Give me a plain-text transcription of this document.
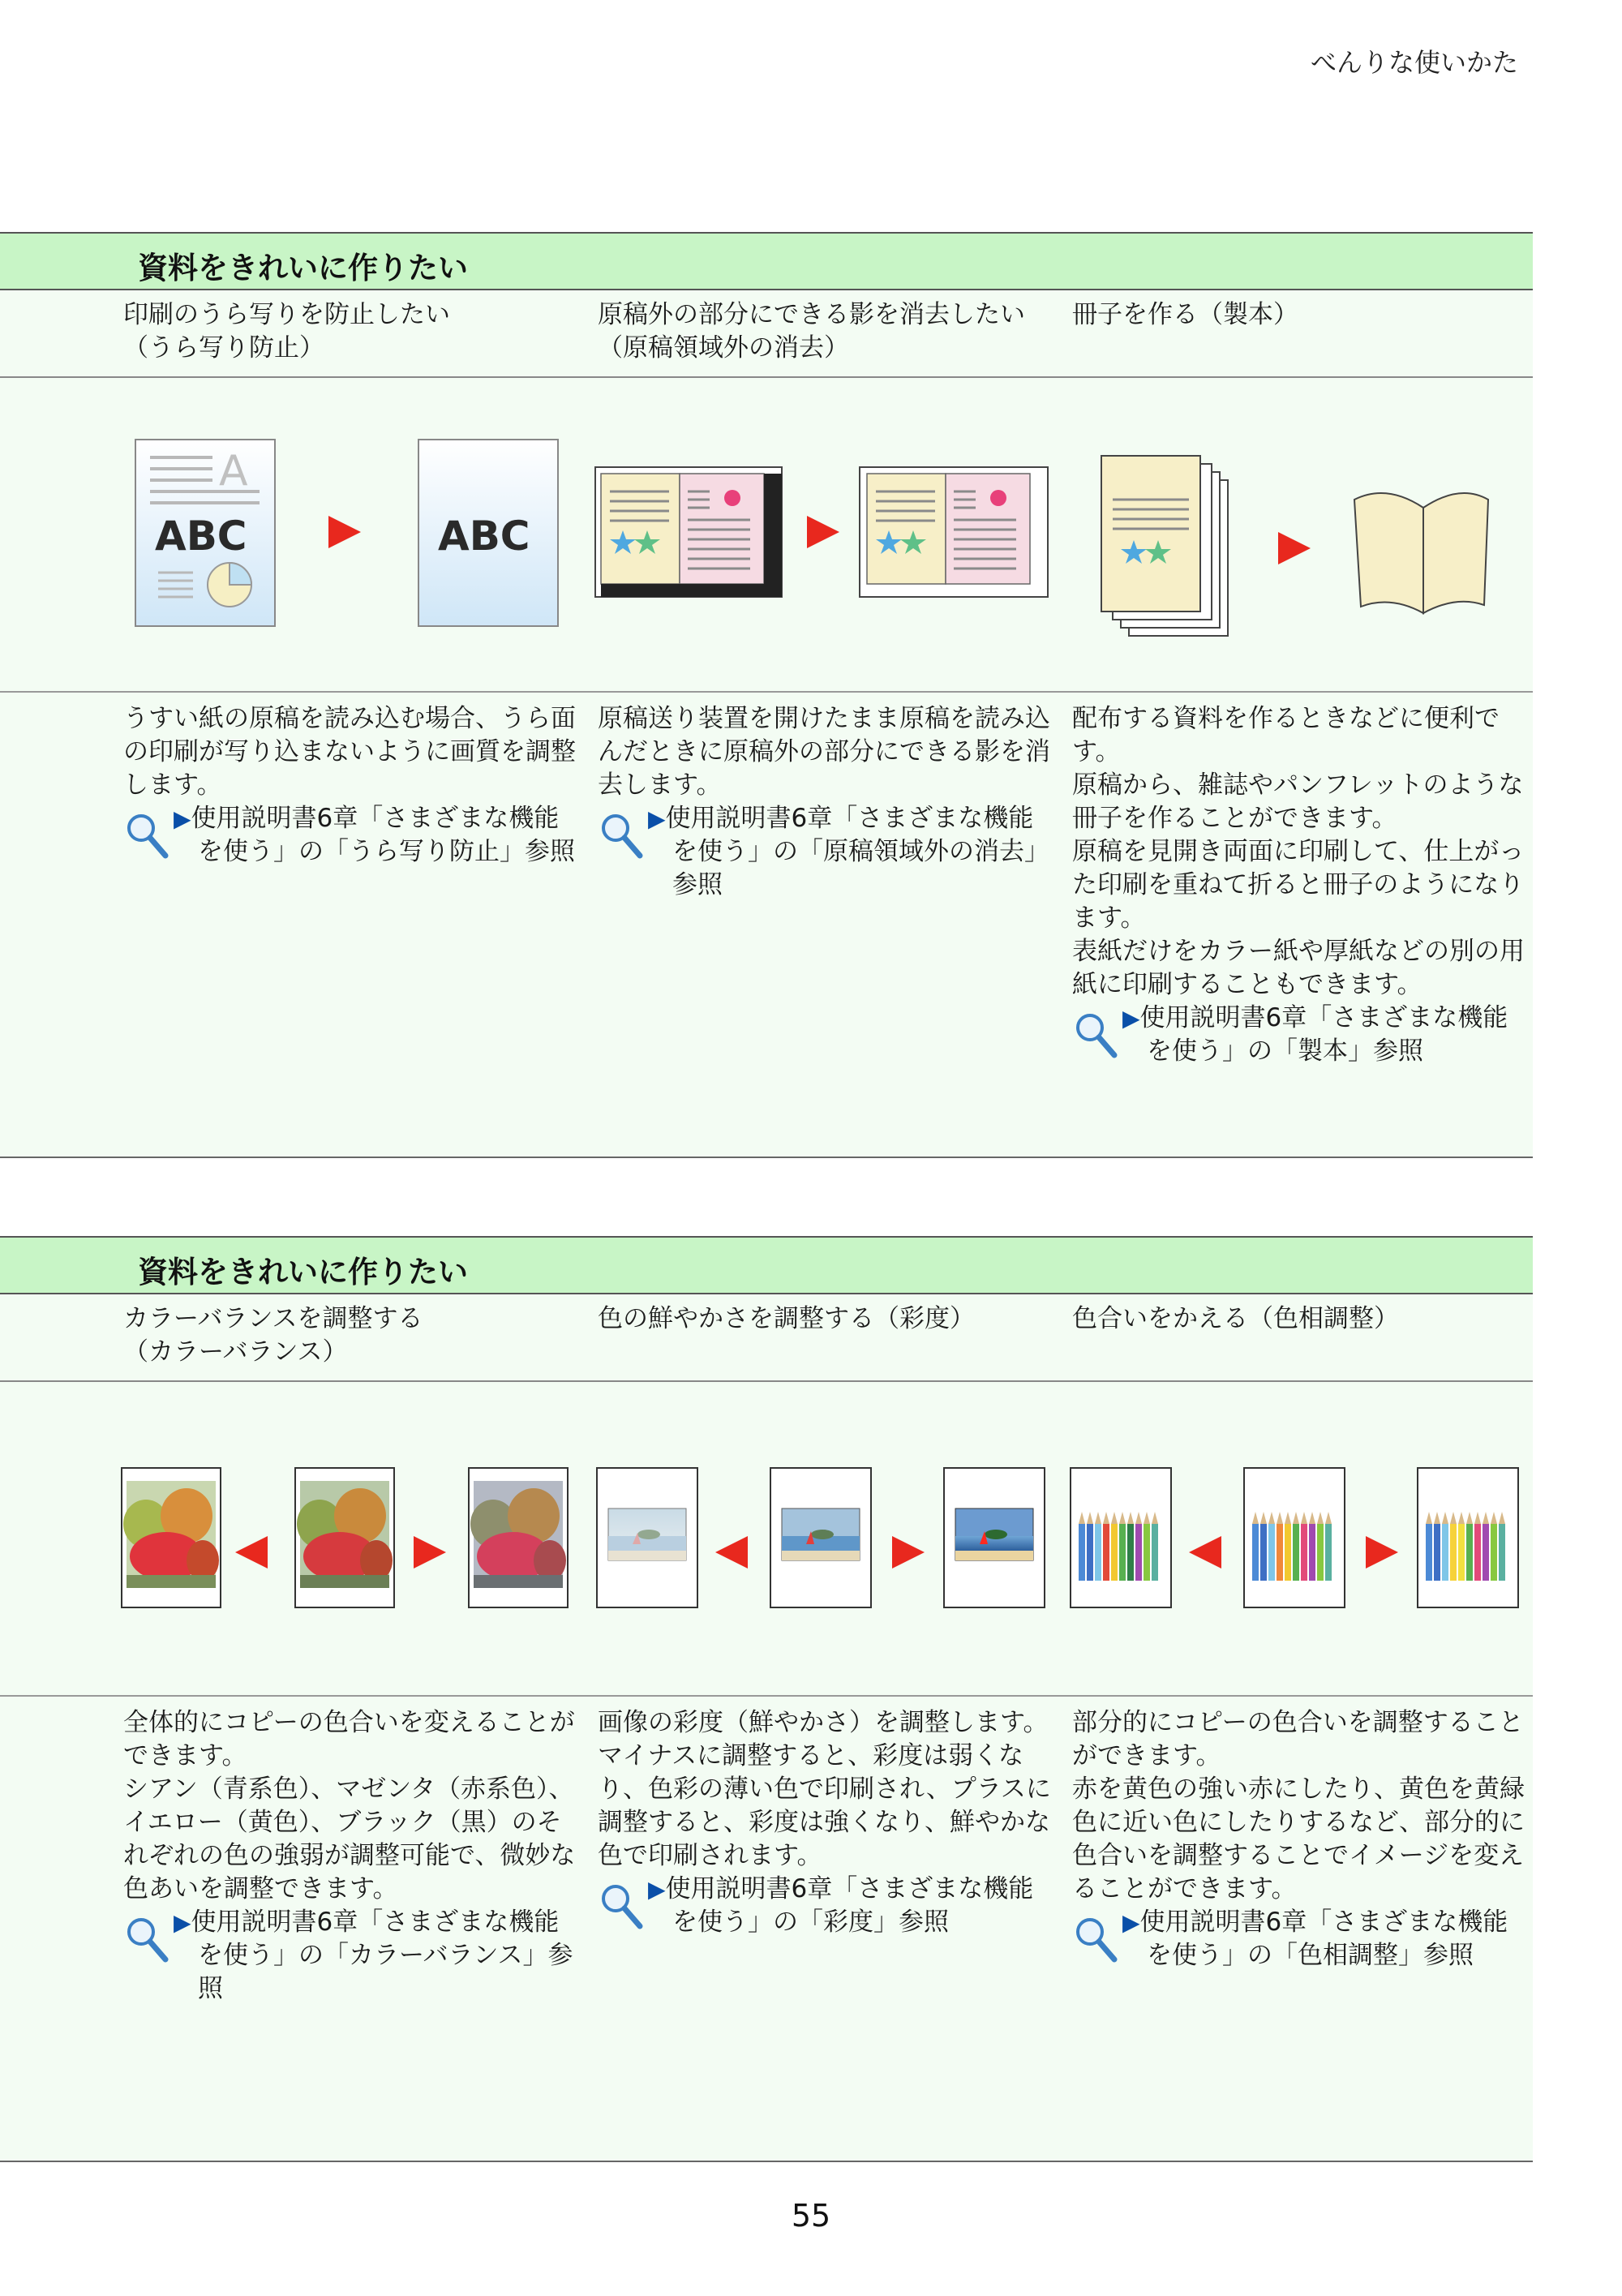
べんりな使いかた
資料をきれいに作りたい
印刷のうら写りを防止したい
（うら写り防止）
原稿外の部分にできる影を消去したい（原稿領域外の消去）
冊子を作る（製本）
A
ABC	ABC
うすい紙の原稿を読み込む場合、うら面の印刷が写り込まないように画質を調整します。
▶使用説明書6章「さまざまな機能を使う」の「うら写り防止」参照
原稿送り装置を開けたまま原稿を読み込んだときに原稿外の部分にできる影を消去します。
▶使用説明書6章「さまざまな機能を使う」の「原稿領域外の消去」参照
配布する資料を作るときなどに便利です。
原稿から、雑誌やパンフレットのような冊子を作ることができます。
原稿を見開き両面に印刷して、仕上がった印刷を重ねて折ると冊子のようになります。
表紙だけをカラー紙や厚紙などの別の用紙に印刷することもできます。
▶使用説明書6章「さまざまな機能を使う」の「製本」参照
資料をきれいに作りたい
カラーバランスを調整する
（カラーバランス）
色の鮮やかさを調整する（彩度）	色合いをかえる（色相調整）
全体的にコピーの色合いを変えることができます。
シアン（青系色）、マゼンタ（赤系色）、イエロー（黄色）、ブラック（黒）のそれぞれの色の強弱が調整可能で、微妙な色あいを調整できます。
▶使用説明書6章「さまざまな機能を使う」の「カラーバランス」参照
画像の彩度（鮮やかさ）を調整します。
マイナスに調整すると、彩度は弱くなり、色彩の薄い色で印刷され、プラスに調整すると、彩度は強くなり、鮮やかな色で印刷されます。
▶使用説明書6章「さまざまな機能を使う」の「彩度」参照
部分的にコピーの色合いを調整することができます。
赤を黄色の強い赤にしたり、黄色を黄緑色に近い色にしたりするなど、部分的に色合いを調整することでイメージを変えることができます。
▶使用説明書6章「さまざまな機能を使う」の「色相調整」参照
55
